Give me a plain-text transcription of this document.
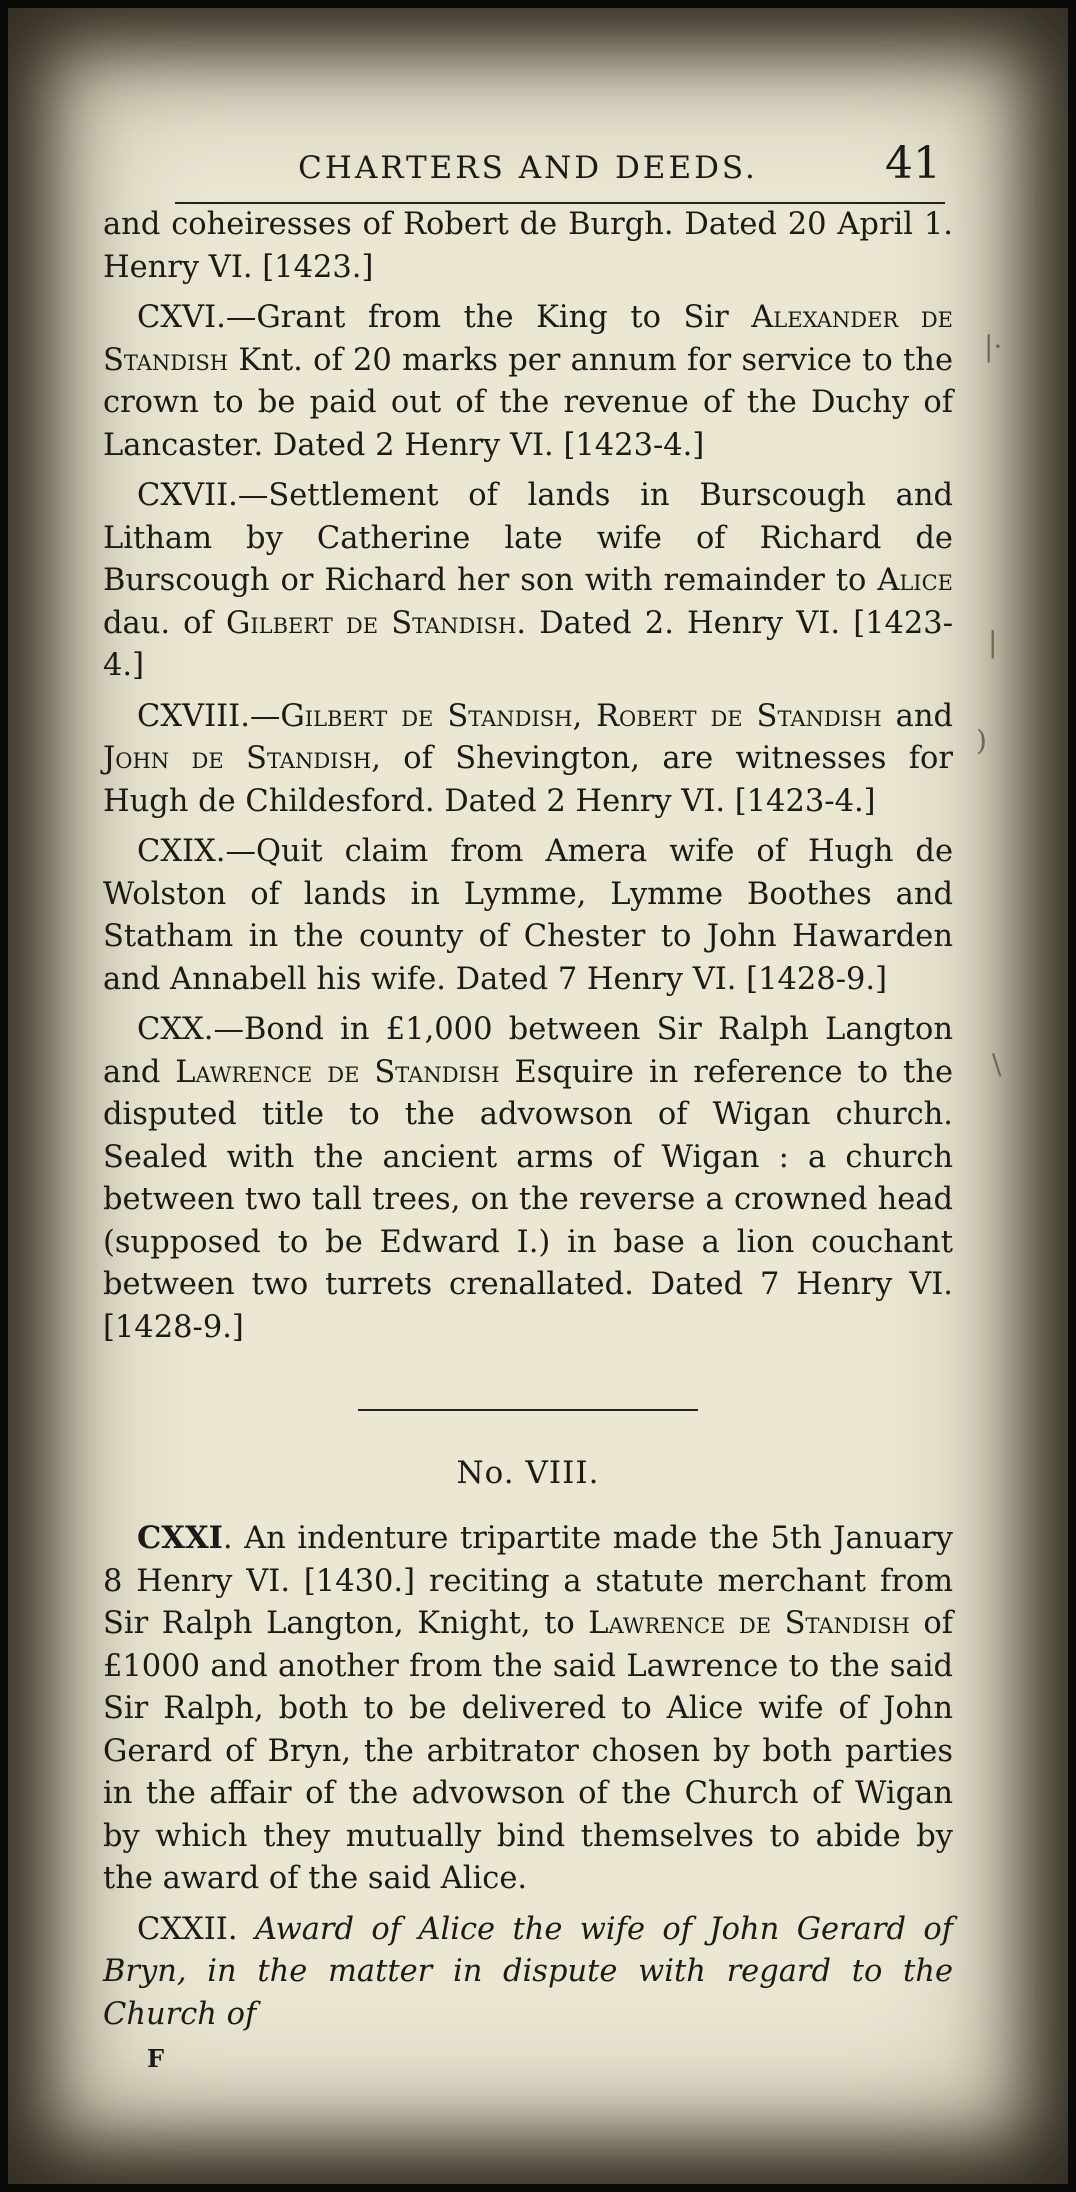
CHARTERS AND DEEDS.	41

and coheiresses of Robert de Burgh. Dated 20 April 1. Henry VI. [1423.]

CXVI.—Grant from the King to Sir Alexander de Standish Knt. of 20 marks per annum for service to the crown to be paid out of the revenue of the Duchy of Lancaster. Dated 2 Henry VI. [1423-4.]

CXVII.—Settlement of lands in Burscough and Litham by Catherine late wife of Richard de Burscough or Richard her son with remainder to Alice dau. of Gilbert de Standish. Dated 2. Henry VI. [1423-4.]

CXVIII.—Gilbert de Standish, Robert de Standish and John de Standish, of Shevington, are witnesses for Hugh de Childesford. Dated 2 Henry VI. [1423-4.]

CXIX.—Quit claim from Amera wife of Hugh de Wolston of lands in Lymme, Lymme Boothes and Statham in the county of Chester to John Hawarden and Annabell his wife. Dated 7 Henry VI. [1428-9.]

CXX.—Bond in £1,000 between Sir Ralph Langton and Lawrence de Standish Esquire in reference to the disputed title to the advowson of Wigan church. Sealed with the ancient arms of Wigan : a church between two tall trees, on the reverse a crowned head (supposed to be Edward I.) in base a lion couchant between two turrets crenallated. Dated 7 Henry VI. [1428-9.]

No. VIII.

CXXI. An indenture tripartite made the 5th January 8 Henry VI. [1430.] reciting a statute merchant from Sir Ralph Langton, Knight, to Lawrence de Standish of £1000 and another from the said Lawrence to the said Sir Ralph, both to be delivered to Alice wife of John Gerard of Bryn, the arbitrator chosen by both parties in the affair of the advowson of the Church of Wigan by which they mutually bind themselves to abide by the award of the said Alice.

CXXII. Award of Alice the wife of John Gerard of Bryn, in the matter in dispute with regard to the Church of

F
|·
|
)
\
